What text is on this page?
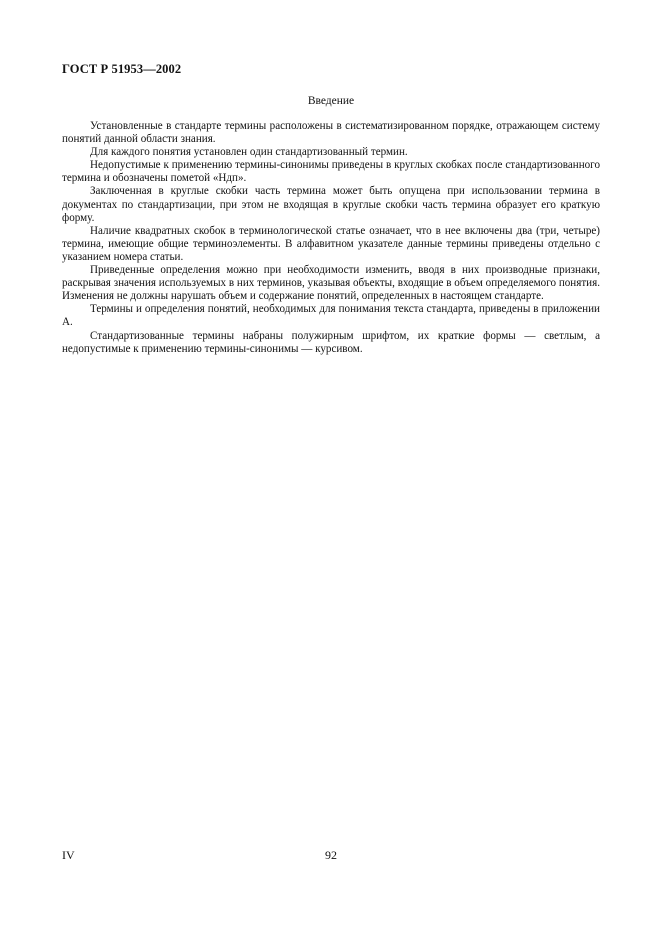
ГОСТ Р 51953—2002
Введение

Установленные в стандарте термины расположены в систематизированном порядке, отражающем систему понятий данной области знания.

Для каждого понятия установлен один стандартизованный термин.

Недопустимые к применению термины-синонимы приведены в круглых скобках после стандартизованного термина и обозначены пометой «Ндп».

Заключенная в круглые скобки часть термина может быть опущена при использовании термина в документах по стандартизации, при этом не входящая в круглые скобки часть термина образует его краткую форму.

Наличие квадратных скобок в терминологической статье означает, что в нее включены два (три, четыре) термина, имеющие общие терминоэлементы. В алфавитном указателе данные термины приведены отдельно с указанием номера статьи.

Приведенные определения можно при необходимости изменить, вводя в них производные признаки, раскрывая значения используемых в них терминов, указывая объекты, входящие в объем определяемого понятия. Изменения не должны нарушать объем и содержание понятий, определенных в настоящем стандарте.

Термины и определения понятий, необходимых для понимания текста стандарта, приведены в приложении А.

Стандартизованные термины набраны полужирным шрифтом, их краткие формы — светлым, а недопустимые к применению термины-синонимы — курсивом.

IV	92
